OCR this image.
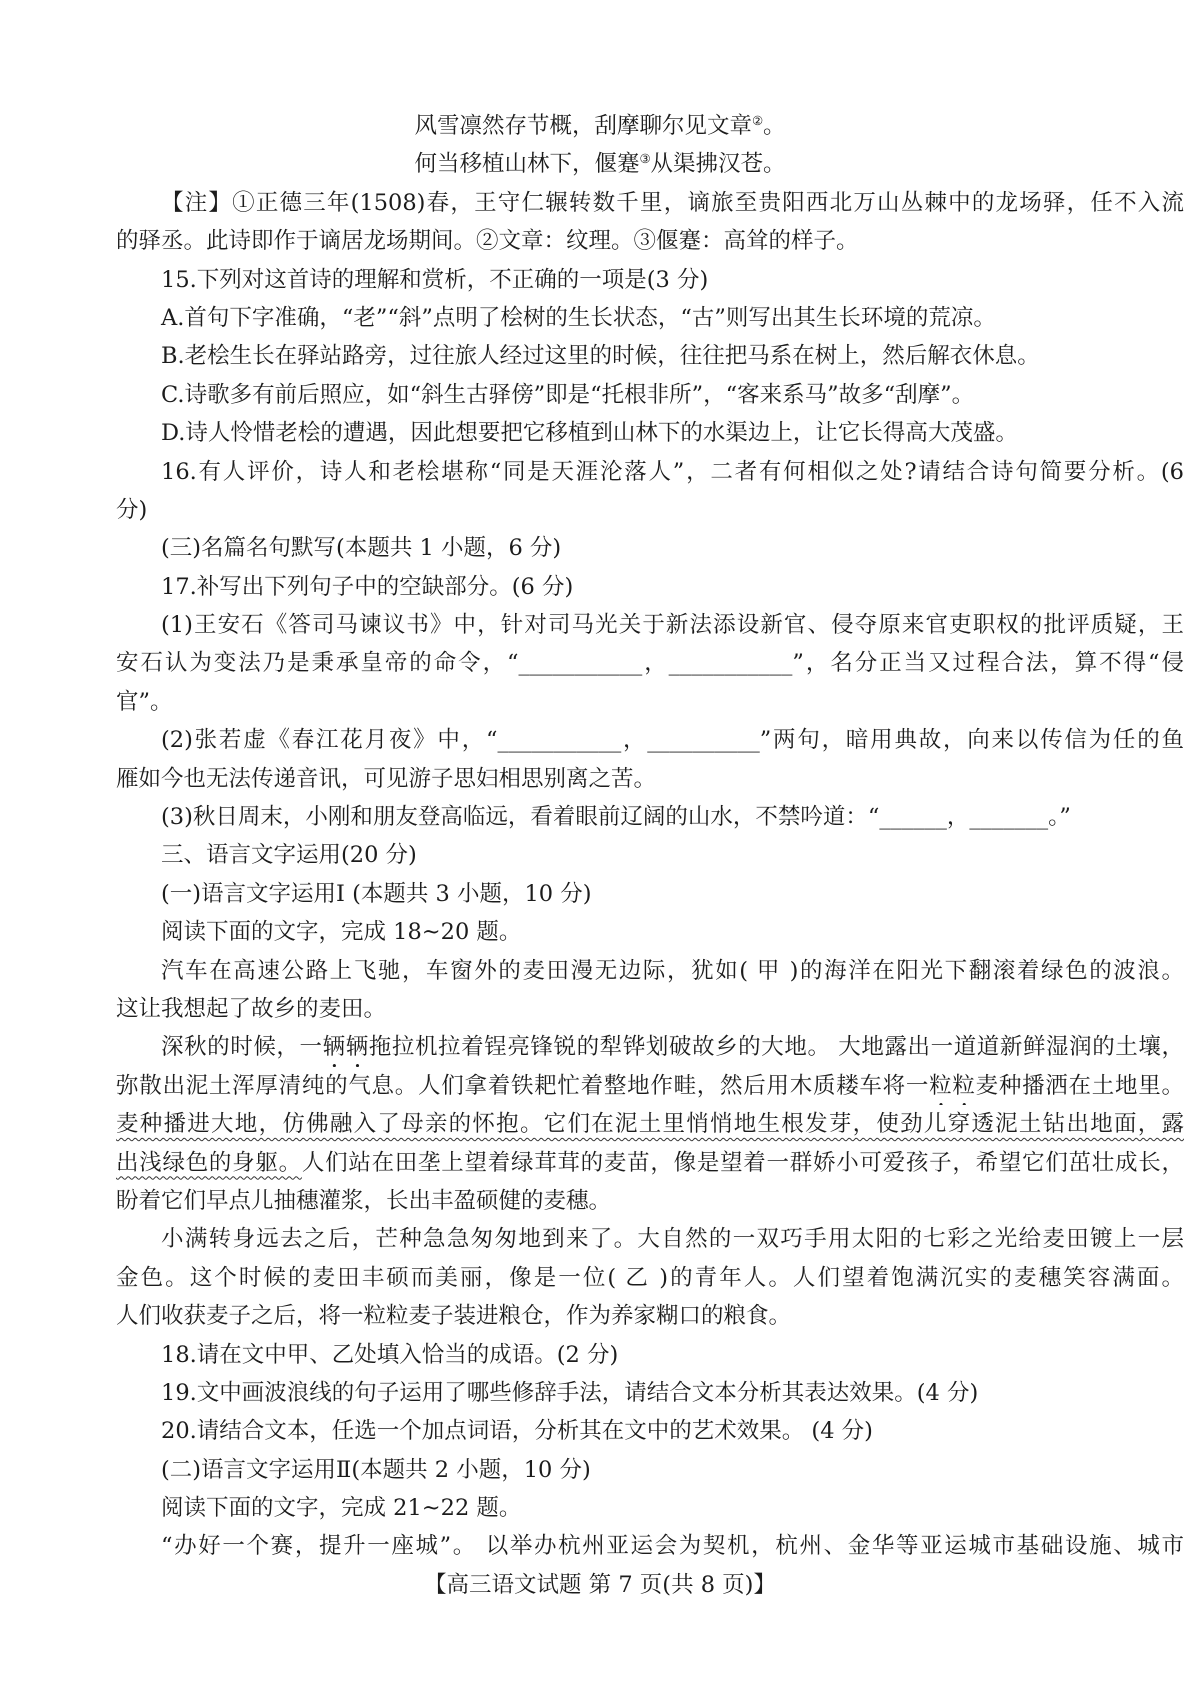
风雪凛然存节概，刮摩聊尔见文章②。
何当移植山林下，偃蹇③从渠拂汉苍。
【注】①正德三年(1508)春，王守仁辗转数千里，谪旅至贵阳西北万山丛棘中的龙场驿，任不入流
的驿丞。此诗即作于谪居龙场期间。②文章：纹理。③偃蹇：高耸的样子。
15.下列对这首诗的理解和赏析，不正确的一项是(3 分)
A.首句下字准确，“老”“斜”点明了桧树的生长状态，“古”则写出其生长环境的荒凉。
B.老桧生长在驿站路旁，过往旅人经过这里的时候，往往把马系在树上，然后解衣休息。
C.诗歌多有前后照应，如“斜生古驿傍”即是“托根非所”，“客来系马”故多“刮摩”。
D.诗人怜惜老桧的遭遇，因此想要把它移植到山林下的水渠边上，让它长得高大茂盛。
16.有人评价，诗人和老桧堪称“同是天涯沦落人”，二者有何相似之处?请结合诗句简要分析。(6
分)
(三)名篇名句默写(本题共 1 小题，6 分)
17.补写出下列句子中的空缺部分。(6 分)
(1)王安石《答司马谏议书》中，针对司马光关于新法添设新官、侵夺原来官吏职权的批评质疑，王
安石认为变法乃是秉承皇帝的命令，“___________，___________”，名分正当又过程合法，算不得“侵
官”。
(2)张若虚《春江花月夜》中，“___________，__________”两句，暗用典故，向来以传信为任的鱼
雁如今也无法传递音讯，可见游子思妇相思别离之苦。
(3)秋日周末，小刚和朋友登高临远，看着眼前辽阔的山水，不禁吟道：“______，_______。”
三、语言文字运用(20 分)
(一)语言文字运用Ⅰ (本题共 3 小题，10 分)
阅读下面的文字，完成 18~20 题。
汽车在高速公路上飞驰，车窗外的麦田漫无边际，犹如( 甲 )的海洋在阳光下翻滚着绿色的波浪。
这让我想起了故乡的麦田。
深秋的时候，一辆辆拖拉机拉着锃亮锋锐的犁铧划破故乡的大地。 大地露出一道道新鲜湿润的土壤，
弥散出泥土浑厚清纯的气息。人们拿着铁耙忙着整地作畦，然后用木质耧车将一粒粒麦种播洒在土地里。
麦种播进大地，仿佛融入了母亲的怀抱。它们在泥土里悄悄地生根发芽，使劲儿穿透泥土钻出地面，露
出浅绿色的身躯。人们站在田垄上望着绿茸茸的麦苗，像是望着一群娇小可爱孩子，希望它们茁壮成长，
盼着它们早点儿抽穗灌浆，长出丰盈硕健的麦穗。
小满转身远去之后，芒种急急匆匆地到来了。大自然的一双巧手用太阳的七彩之光给麦田镀上一层
金色。这个时候的麦田丰硕而美丽，像是一位( 乙 )的青年人。人们望着饱满沉实的麦穗笑容满面。
人们收获麦子之后，将一粒粒麦子装进粮仓，作为养家糊口的粮食。
18.请在文中甲、乙处填入恰当的成语。(2 分)
19.文中画波浪线的句子运用了哪些修辞手法，请结合文本分析其表达效果。(4 分)
20.请结合文本，任选一个加点词语，分析其在文中的艺术效果。 (4 分)
(二)语言文字运用Ⅱ(本题共 2 小题，10 分)
阅读下面的文字，完成 21~22 题。
“办好一个赛，提升一座城”。 以举办杭州亚运会为契机，杭州、金华等亚运城市基础设施、城市
【高三语文试题 第 7 页(共 8 页)】
